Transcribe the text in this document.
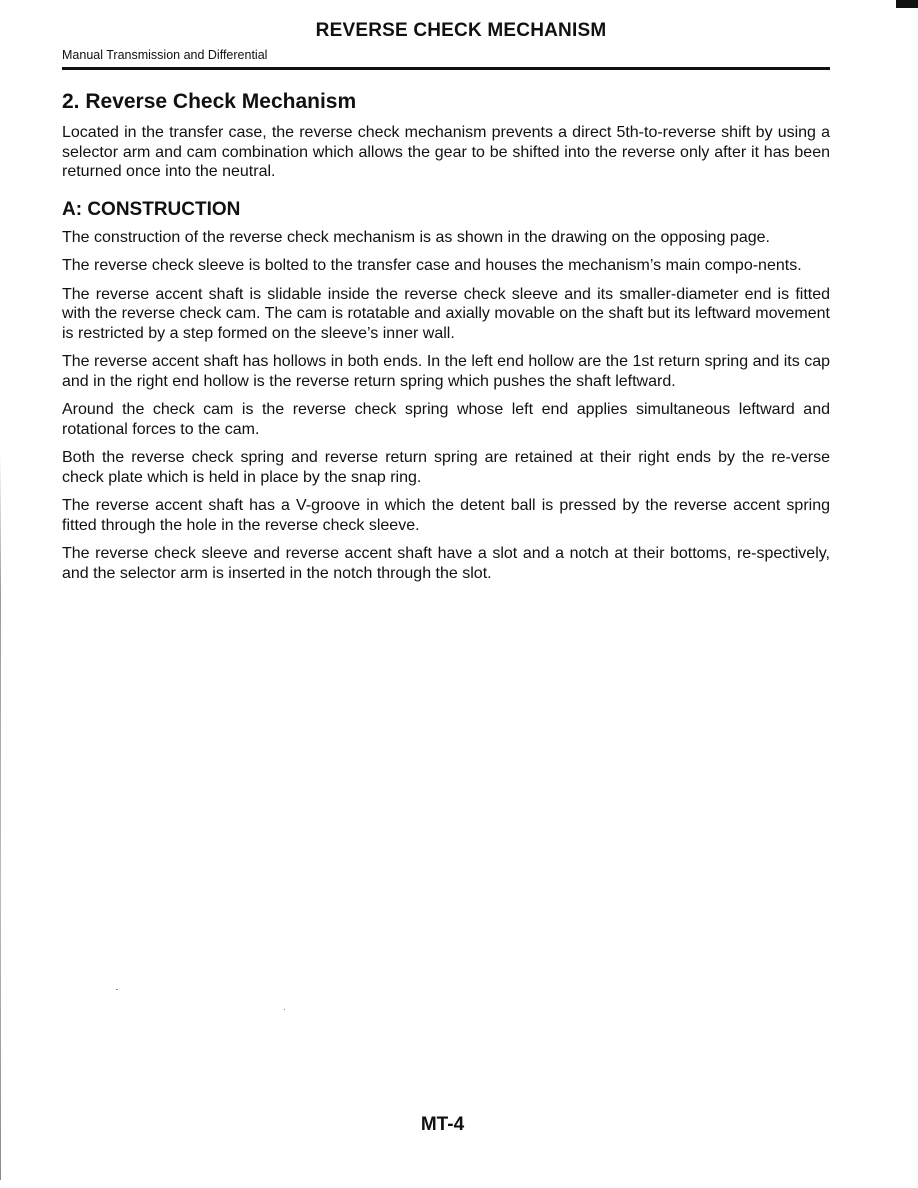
REVERSE CHECK MECHANISM
Manual Transmission and Differential
2. Reverse Check Mechanism

Located in the transfer case, the reverse check mechanism prevents a direct 5th-to-reverse shift by using a selector arm and cam combination which allows the gear to be shifted into the reverse only after it has been returned once into the neutral.

A: CONSTRUCTION

The construction of the reverse check mechanism is as shown in the drawing on the opposing page.

The reverse check sleeve is bolted to the transfer case and houses the mechanism’s main compo-nents.

The reverse accent shaft is slidable inside the reverse check sleeve and its smaller-diameter end is fitted with the reverse check cam. The cam is rotatable and axially movable on the shaft but its leftward movement is restricted by a step formed on the sleeve’s inner wall.

The reverse accent shaft has hollows in both ends. In the left end hollow are the 1st return spring and its cap and in the right end hollow is the reverse return spring which pushes the shaft leftward.

Around the check cam is the reverse check spring whose left end applies simultaneous leftward and rotational forces to the cam.

Both the reverse check spring and reverse return spring are retained at their right ends by the re-verse check plate which is held in place by the snap ring.

The reverse accent shaft has a V-groove in which the detent ball is pressed by the reverse accent spring fitted through the hole in the reverse check sleeve.

The reverse check sleeve and reverse accent shaft have a slot and a notch at their bottoms, re-spectively, and the selector arm is inserted in the notch through the slot.

MT-4
